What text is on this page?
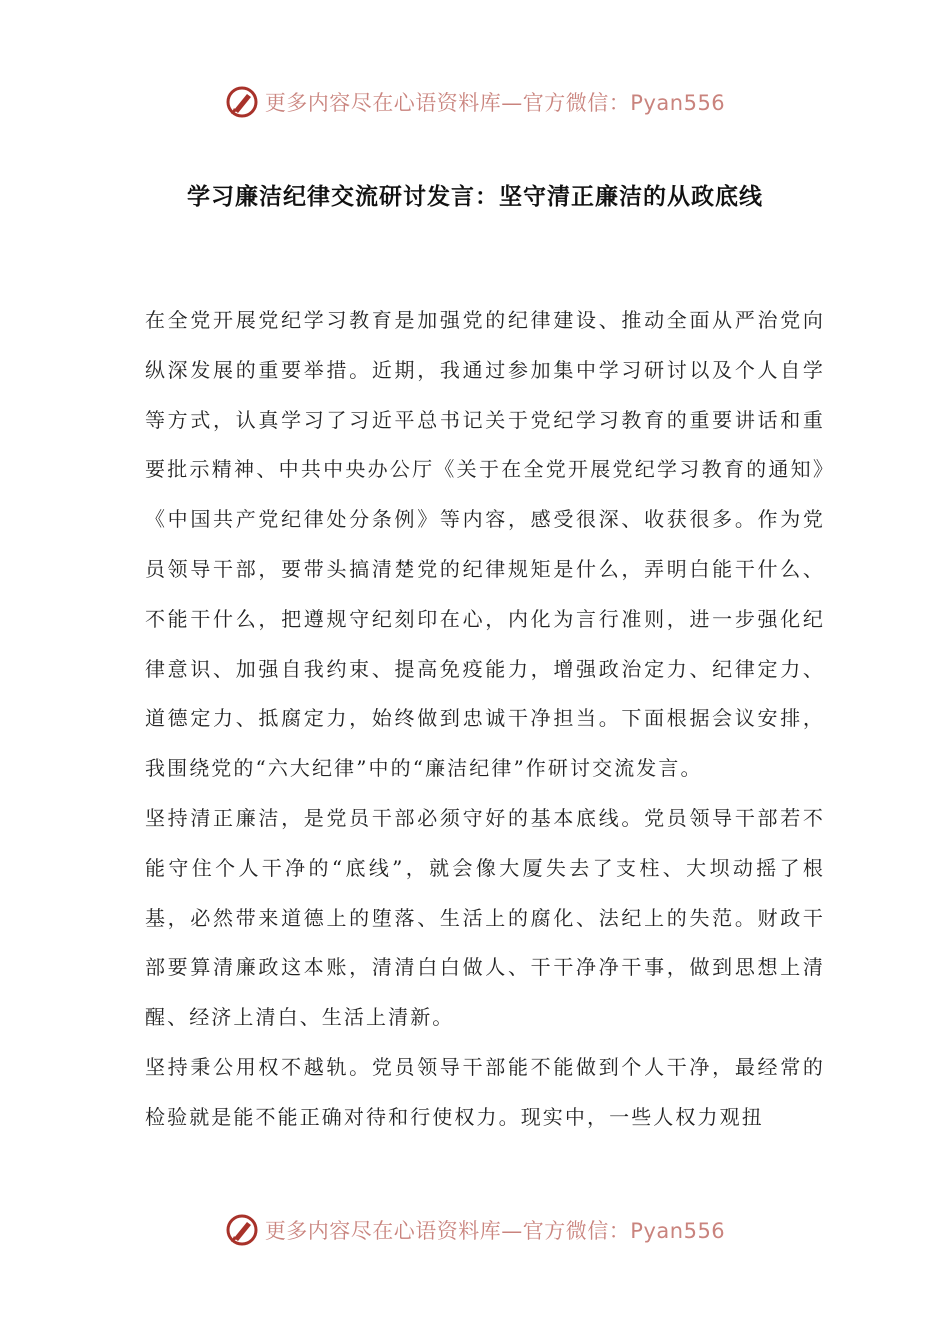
更多内容尽在心语资料库—官方微信：Pyan556
学习廉洁纪律交流研讨发言：坚守清正廉洁的从政底线

在全党开展党纪学习教育是加强党的纪律建设、推动全面从严治党向纵深发展的重要举措。近期，我通过参加集中学习研讨以及个人自学等方式，认真学习了习近平总书记关于党纪学习教育的重要讲话和重要批示精神、中共中央办公厅《关于在全党开展党纪学习教育的通知》《中国共产党纪律处分条例》等内容，感受很深、收获很多。作为党员领导干部，要带头搞清楚党的纪律规矩是什么，弄明白能干什么、不能干什么，把遵规守纪刻印在心，内化为言行准则，进一步强化纪律意识、加强自我约束、提高免疫能力，增强政治定力、纪律定力、道德定力、抵腐定力，始终做到忠诚干净担当。下面根据会议安排，我围绕党的“六大纪律”中的“廉洁纪律”作研讨交流发言。

坚持清正廉洁，是党员干部必须守好的基本底线。党员领导干部若不能守住个人干净的“底线”，就会像大厦失去了支柱、大坝动摇了根基，必然带来道德上的堕落、生活上的腐化、法纪上的失范。财政干部要算清廉政这本账，清清白白做人、干干净净干事，做到思想上清醒、经济上清白、生活上清新。

坚持秉公用权不越轨。党员领导干部能不能做到个人干净，最经常的检验就是能不能正确对待和行使权力。现实中，一些人权力观扭

更多内容尽在心语资料库—官方微信：Pyan556
